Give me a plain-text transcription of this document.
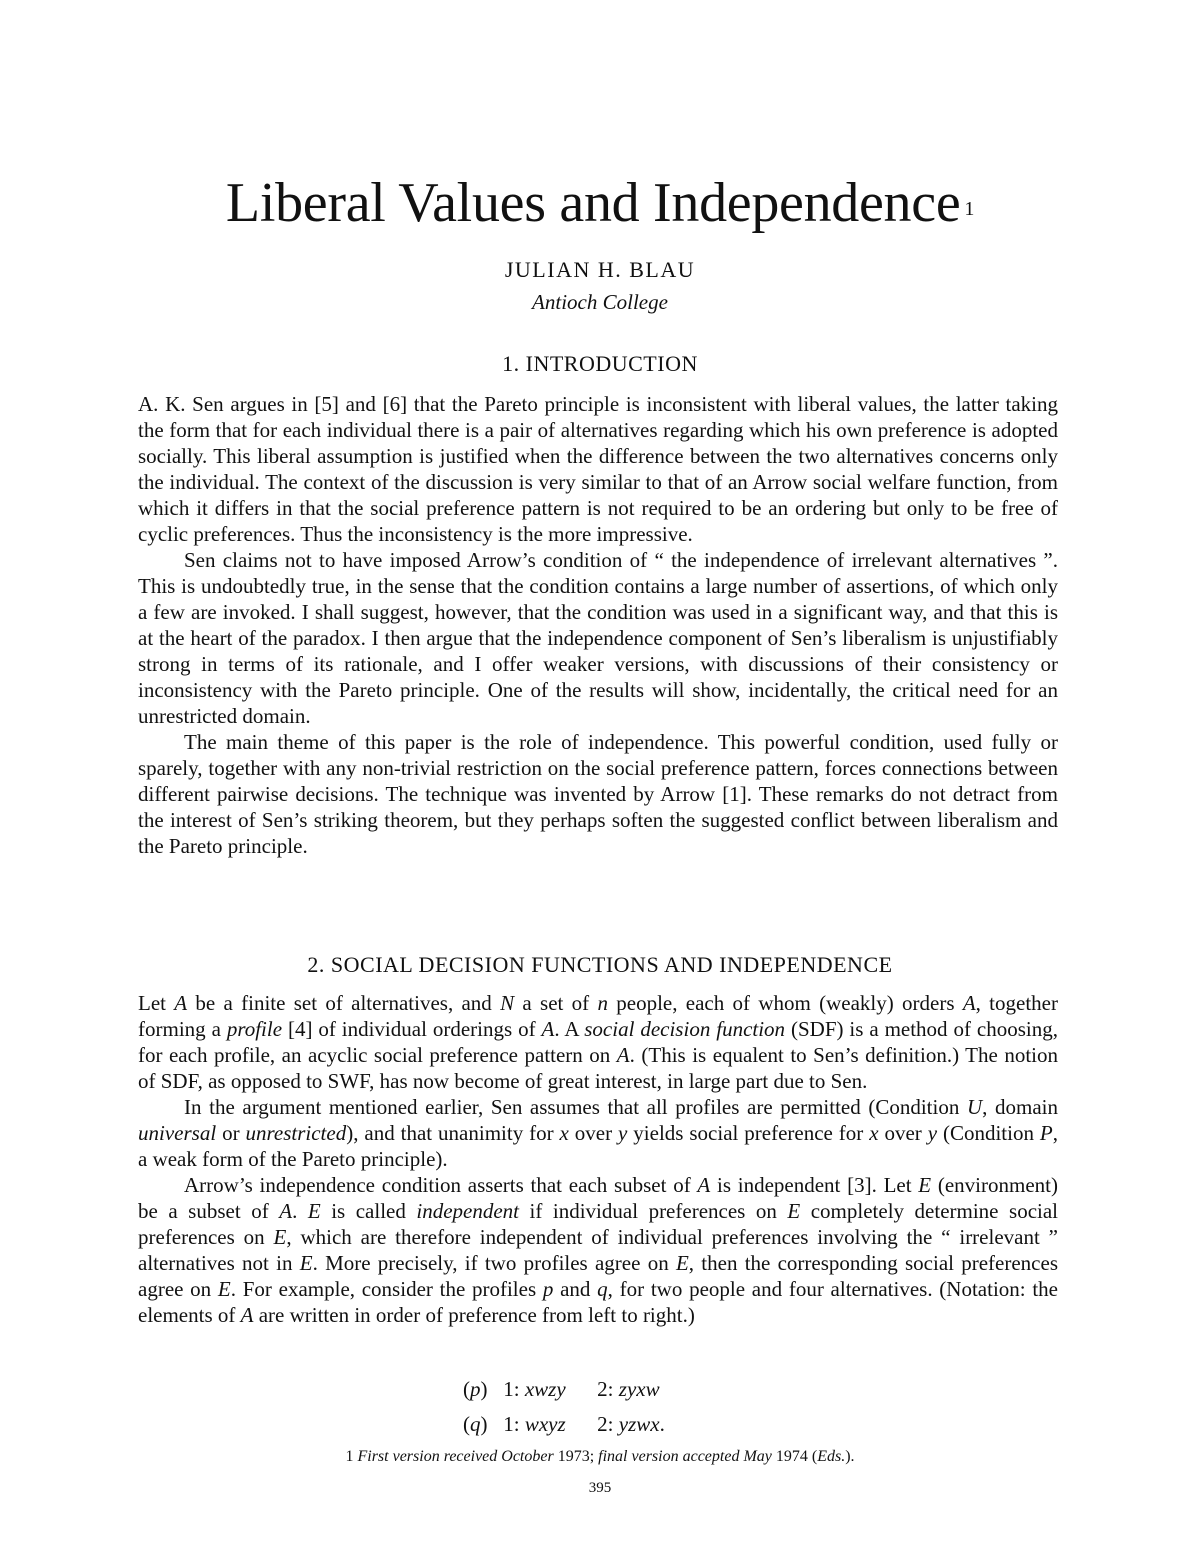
Liberal Values and Independence $^1$
JULIAN H. BLAU
Antioch College
1. INTRODUCTION

A. K. Sen argues in [5] and [6] that the Pareto principle is inconsistent with liberal values, the latter taking the form that for each individual there is a pair of alternatives regarding which his own preference is adopted socially. This liberal assumption is justified when the difference between the two alternatives concerns only the individual. The context of the discussion is very similar to that of an Arrow social welfare function, from which it differs in that the social preference pattern is not required to be an ordering but only to be free of cyclic preferences. Thus the inconsistency is the more impressive.

Sen claims not to have imposed Arrow’s condition of “ the independence of irrelevant alternatives ”. This is undoubtedly true, in the sense that the condition contains a large number of assertions, of which only a few are invoked. I shall suggest, however, that the condition was used in a significant way, and that this is at the heart of the paradox. I then argue that the independence component of Sen’s liberalism is unjustifiably strong in terms of its rationale, and I offer weaker versions, with discussions of their consistency or inconsistency with the Pareto principle. One of the results will show, incidentally, the critical need for an unrestricted domain.

The main theme of this paper is the role of independence. This powerful condition, used fully or sparely, together with any non-trivial restriction on the social preference pattern, forces connections between different pairwise decisions. The technique was invented by Arrow [1]. These remarks do not detract from the interest of Sen’s striking theorem, but they perhaps soften the suggested conflict between liberalism and the Pareto principle.

2. SOCIAL DECISION FUNCTIONS AND INDEPENDENCE

Let A be a finite set of alternatives, and N a set of n people, each of whom (weakly) orders A, together forming a profile [4] of individual orderings of A. A social decision function (SDF) is a method of choosing, for each profile, an acyclic social preference pattern on A. (This is equalent to Sen’s definition.) The notion of SDF, as opposed to SWF, has now become of great interest, in large part due to Sen.

In the argument mentioned earlier, Sen assumes that all profiles are permitted (Condition U, domain universal or unrestricted), and that unanimity for x over y yields social preference for x over y (Condition P, a weak form of the Pareto principle).

Arrow’s independence condition asserts that each subset of A is independent [3]. Let E (environment) be a subset of A. E is called independent if individual preferences on E completely determine social preferences on E, which are therefore independent of individual preferences involving the “ irrelevant ” alternatives not in E. More precisely, if two profiles agree on E, then the corresponding social preferences agree on E. For example, consider the profiles p and q, for two people and four alternatives. (Notation: the elements of A are written in order of preference from left to right.)

(p)   1: xwzy 2: zyxw
(q)   1: wxyz 2: yzwx.
1 First version received October 1973; final version accepted May 1974 (Eds.).
395
